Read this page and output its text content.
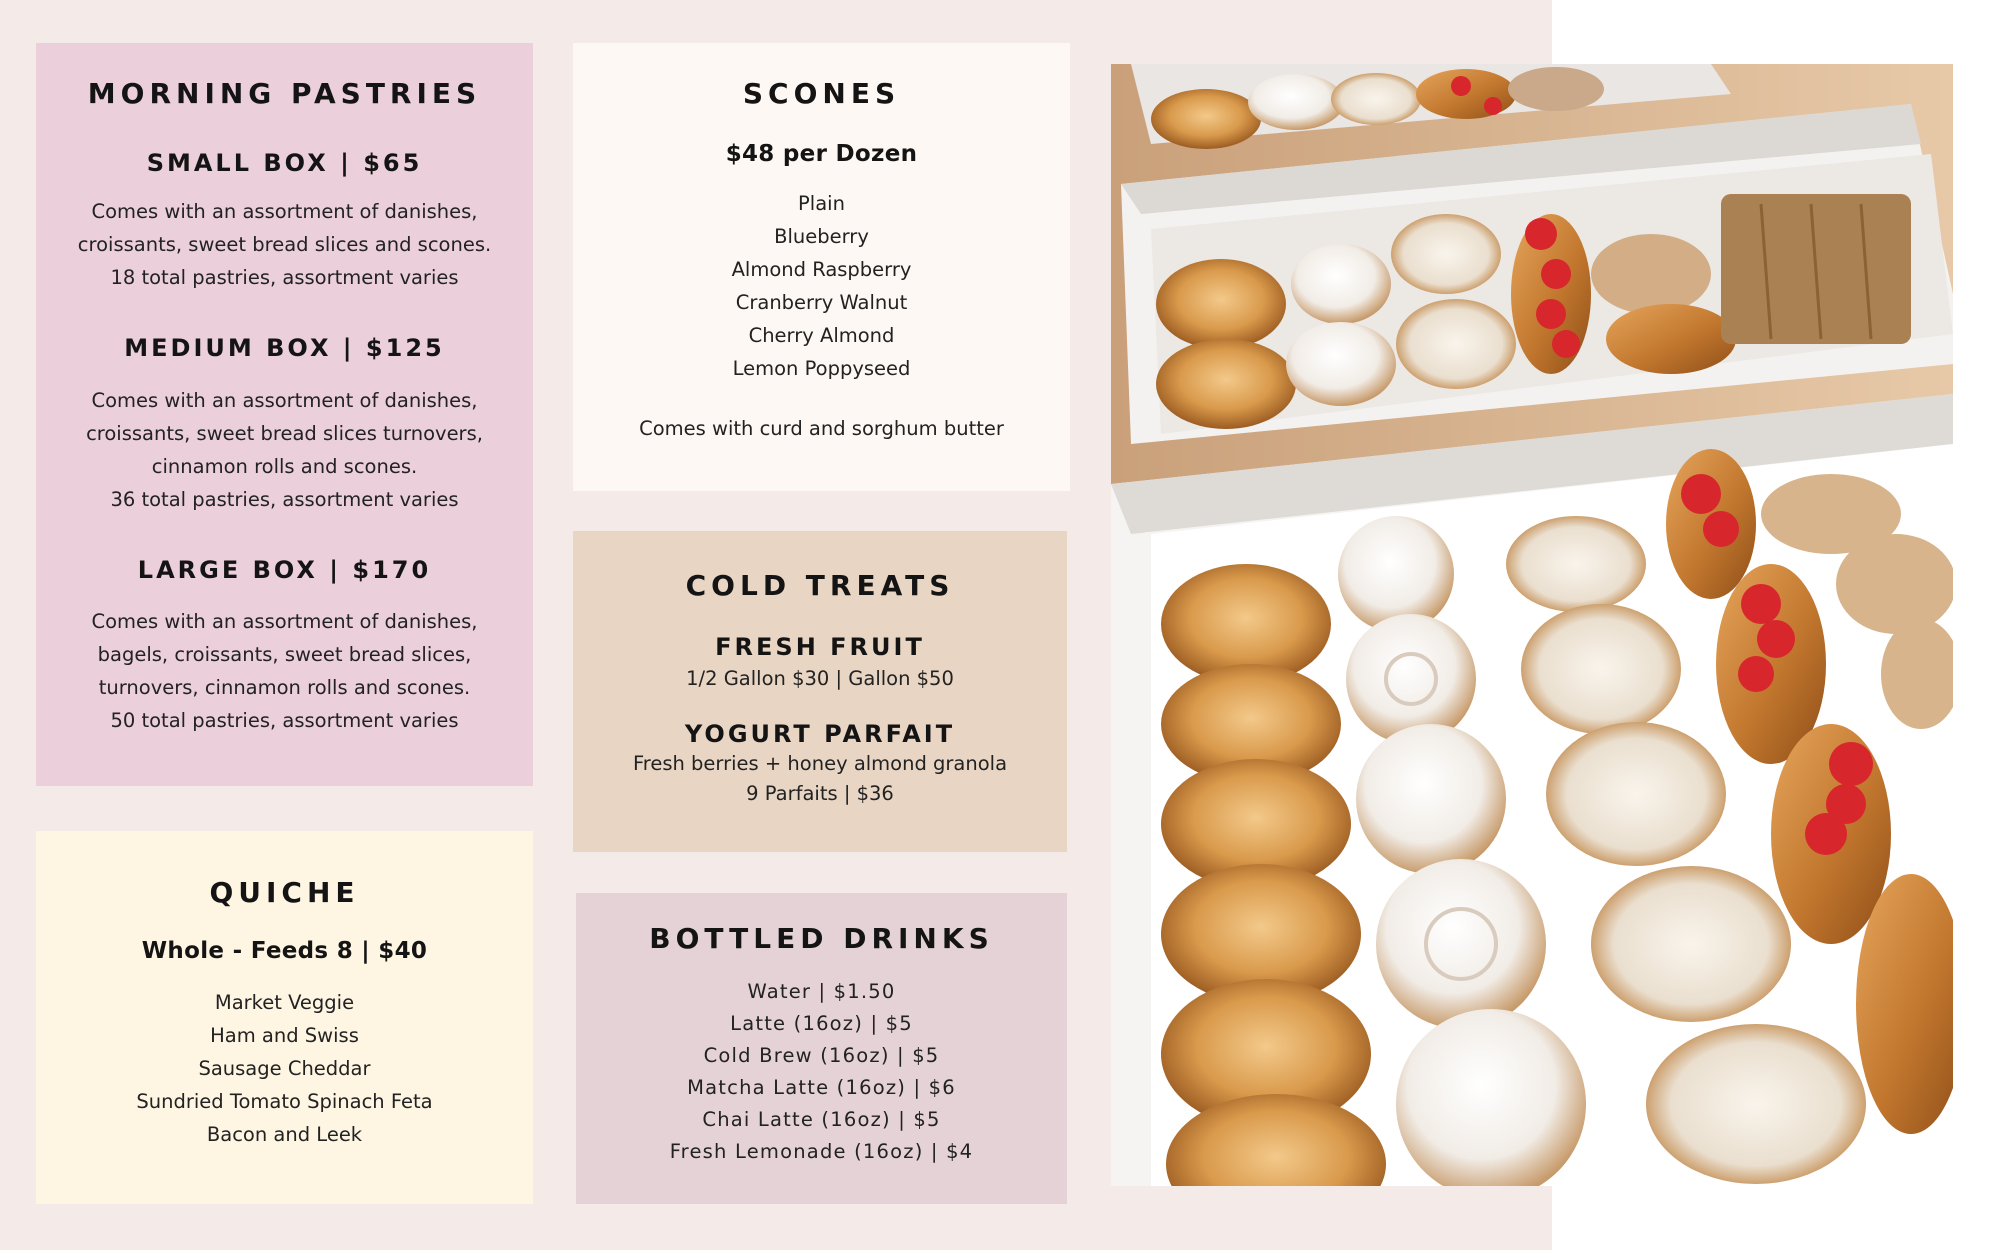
MORNING PASTRIES
SMALL BOX | $65

Comes with an assortment of danishes,
croissants, sweet bread slices and scones.
18 total pastries, assortment varies

MEDIUM BOX | $125

Comes with an assortment of danishes,
croissants, sweet bread slices turnovers,
cinnamon rolls and scones.
36 total pastries, assortment varies

LARGE BOX | $170

Comes with an assortment of danishes,
bagels, croissants, sweet bread slices,
turnovers, cinnamon rolls and scones.
50 total pastries, assortment varies

QUICHE
Whole - Feeds 8 | $40

Market Veggie
Ham and Swiss
Sausage Cheddar
Sundried Tomato Spinach Feta
Bacon and Leek

SCONES
$48 per Dozen

Plain
Blueberry
Almond Raspberry
Cranberry Walnut
Cherry Almond
Lemon Poppyseed

Comes with curd and sorghum butter

COLD TREATS
FRESH FRUIT

1/2 Gallon $30 | Gallon $50

YOGURT PARFAIT

Fresh berries + honey almond granola
9 Parfaits | $36

BOTTLED DRINKS

Water | $1.50
Latte (16oz) | $5
Cold Brew (16oz) | $5
Matcha Latte (16oz) | $6
Chai Latte (16oz) | $5
Fresh Lemonade (16oz) | $4
